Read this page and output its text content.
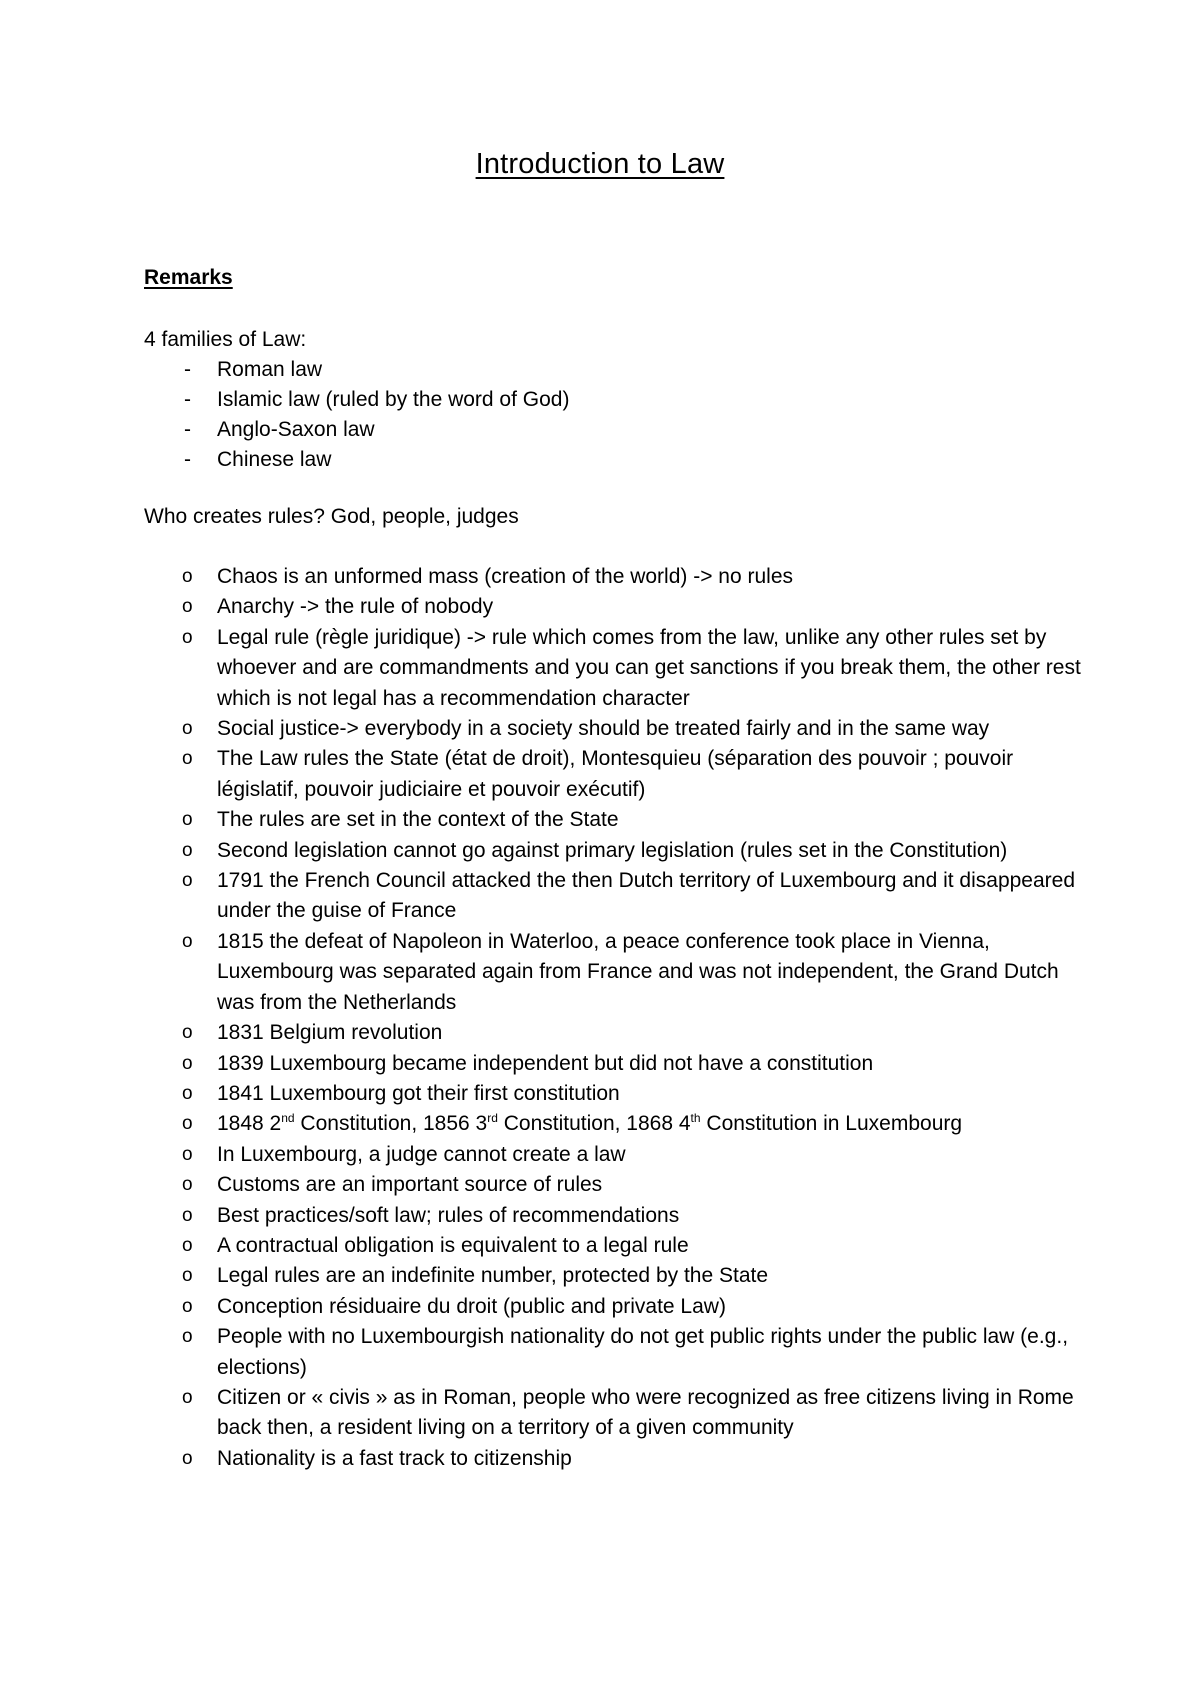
Introduction to Law
Remarks
4 families of Law:
- Roman law
- Islamic law (ruled by the word of God)
- Anglo-Saxon law
- Chinese law
Who creates rules? God, people, judges
o Chaos is an unformed mass (creation of the world) -> no rules
o Anarchy -> the rule of nobody
o Legal rule (règle juridique) -> rule which comes from the law, unlike any other rules set by whoever and are commandments and you can get sanctions if you break them, the other rest which is not legal has a recommendation character
o Social justice-> everybody in a society should be treated fairly and in the same way
o The Law rules the State (état de droit), Montesquieu (séparation des pouvoir ; pouvoir législatif, pouvoir judiciaire et pouvoir exécutif)
o The rules are set in the context of the State
o Second legislation cannot go against primary legislation (rules set in the Constitution)
o 1791 the French Council attacked the then Dutch territory of Luxembourg and it disappeared under the guise of France
o 1815 the defeat of Napoleon in Waterloo, a peace conference took place in Vienna, Luxembourg was separated again from France and was not independent, the Grand Dutch was from the Netherlands
o 1831 Belgium revolution
o 1839 Luxembourg became independent but did not have a constitution
o 1841 Luxembourg got their first constitution
o 1848 2nd Constitution, 1856 3rd Constitution, 1868 4th Constitution in Luxembourg
o In Luxembourg, a judge cannot create a law
o Customs are an important source of rules
o Best practices/soft law; rules of recommendations
o A contractual obligation is equivalent to a legal rule
o Legal rules are an indefinite number, protected by the State
o Conception résiduaire du droit (public and private Law)
o People with no Luxembourgish nationality do not get public rights under the public law (e.g., elections)
o Citizen or « civis » as in Roman, people who were recognized as free citizens living in Rome back then, a resident living on a territory of a given community
o Nationality is a fast track to citizenship
